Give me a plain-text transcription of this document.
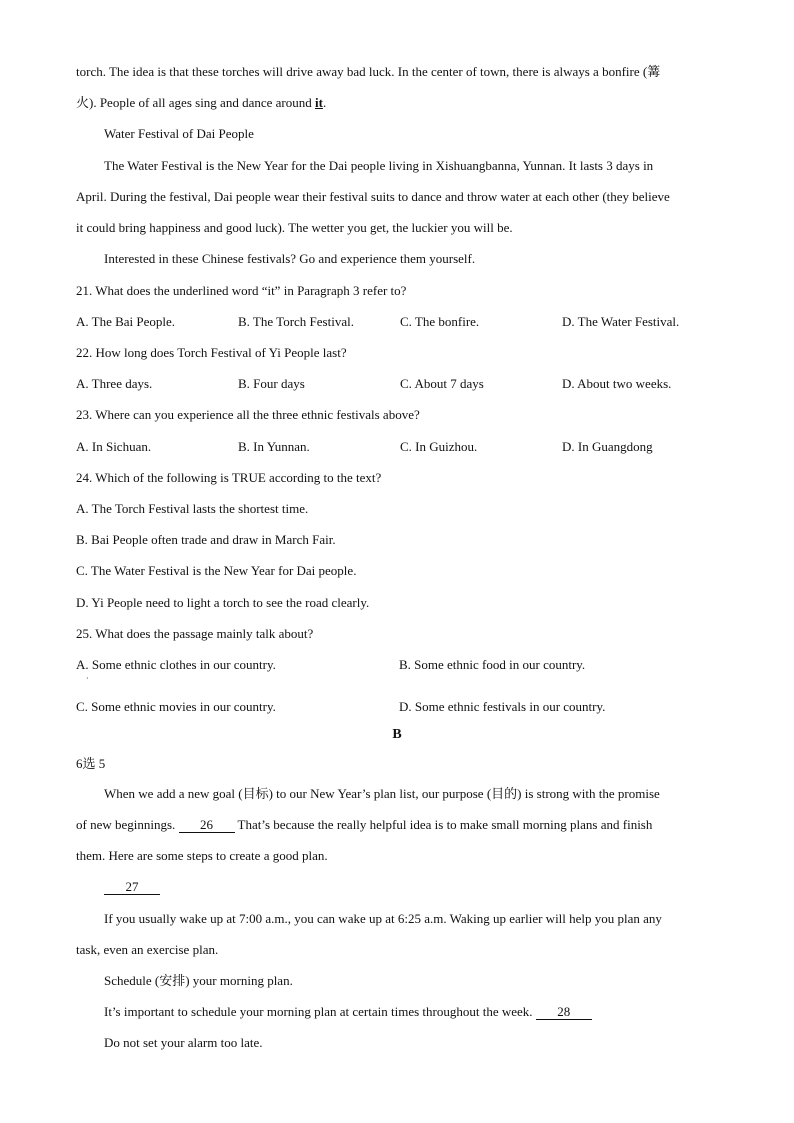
torch. The idea is that these torches will drive away bad luck. In the center of town, there is always a bonfire (篝
火). People of all ages sing and dance around it.
Water Festival of Dai People
The Water Festival is the New Year for the Dai people living in Xishuangbanna, Yunnan. It lasts 3 days in
April. During the festival, Dai people wear their festival suits to dance and throw water at each other (they believe
it could bring happiness and good luck). The wetter you get, the luckier you will be.
Interested in these Chinese festivals? Go and experience them yourself.
21. What does the underlined word “it” in Paragraph 3 refer to?
A. The Bai People.	B. The Torch Festival.	C. The bonfire.	D. The Water Festival.
22. How long does Torch Festival of Yi People last?
A. Three days.	B. Four days	C. About 7 days	D. About two weeks.
23. Where can you experience all the three ethnic festivals above?
A. In Sichuan.	B. In Yunnan.	C. In Guizhou.	D. In Guangdong
24. Which of the following is TRUE according to the text?
A. The Torch Festival lasts the shortest time.
B. Bai People often trade and draw in March Fair.
C. The Water Festival is the New Year for Dai people.
D. Yi People need to light a torch to see the road clearly.
25. What does the passage mainly talk about?
A. Some ethnic clothes in our country.	B. Some ethnic food in our country.
·
C. Some ethnic movies in our country.	D. Some ethnic festivals in our country.
B
6选 5
When we add a new goal (目标) to our New Year’s plan list, our purpose (目的) is strong with the promise
of new beginnings. 26 That’s because the really helpful idea is to make small morning plans and finish
them. Here are some steps to create a good plan.
27
If you usually wake up at 7:00 a.m., you can wake up at 6:25 a.m. Waking up earlier will help you plan any
task, even an exercise plan.
Schedule (安排) your morning plan.
It’s important to schedule your morning plan at certain times throughout the week. 28
Do not set your alarm too late.
